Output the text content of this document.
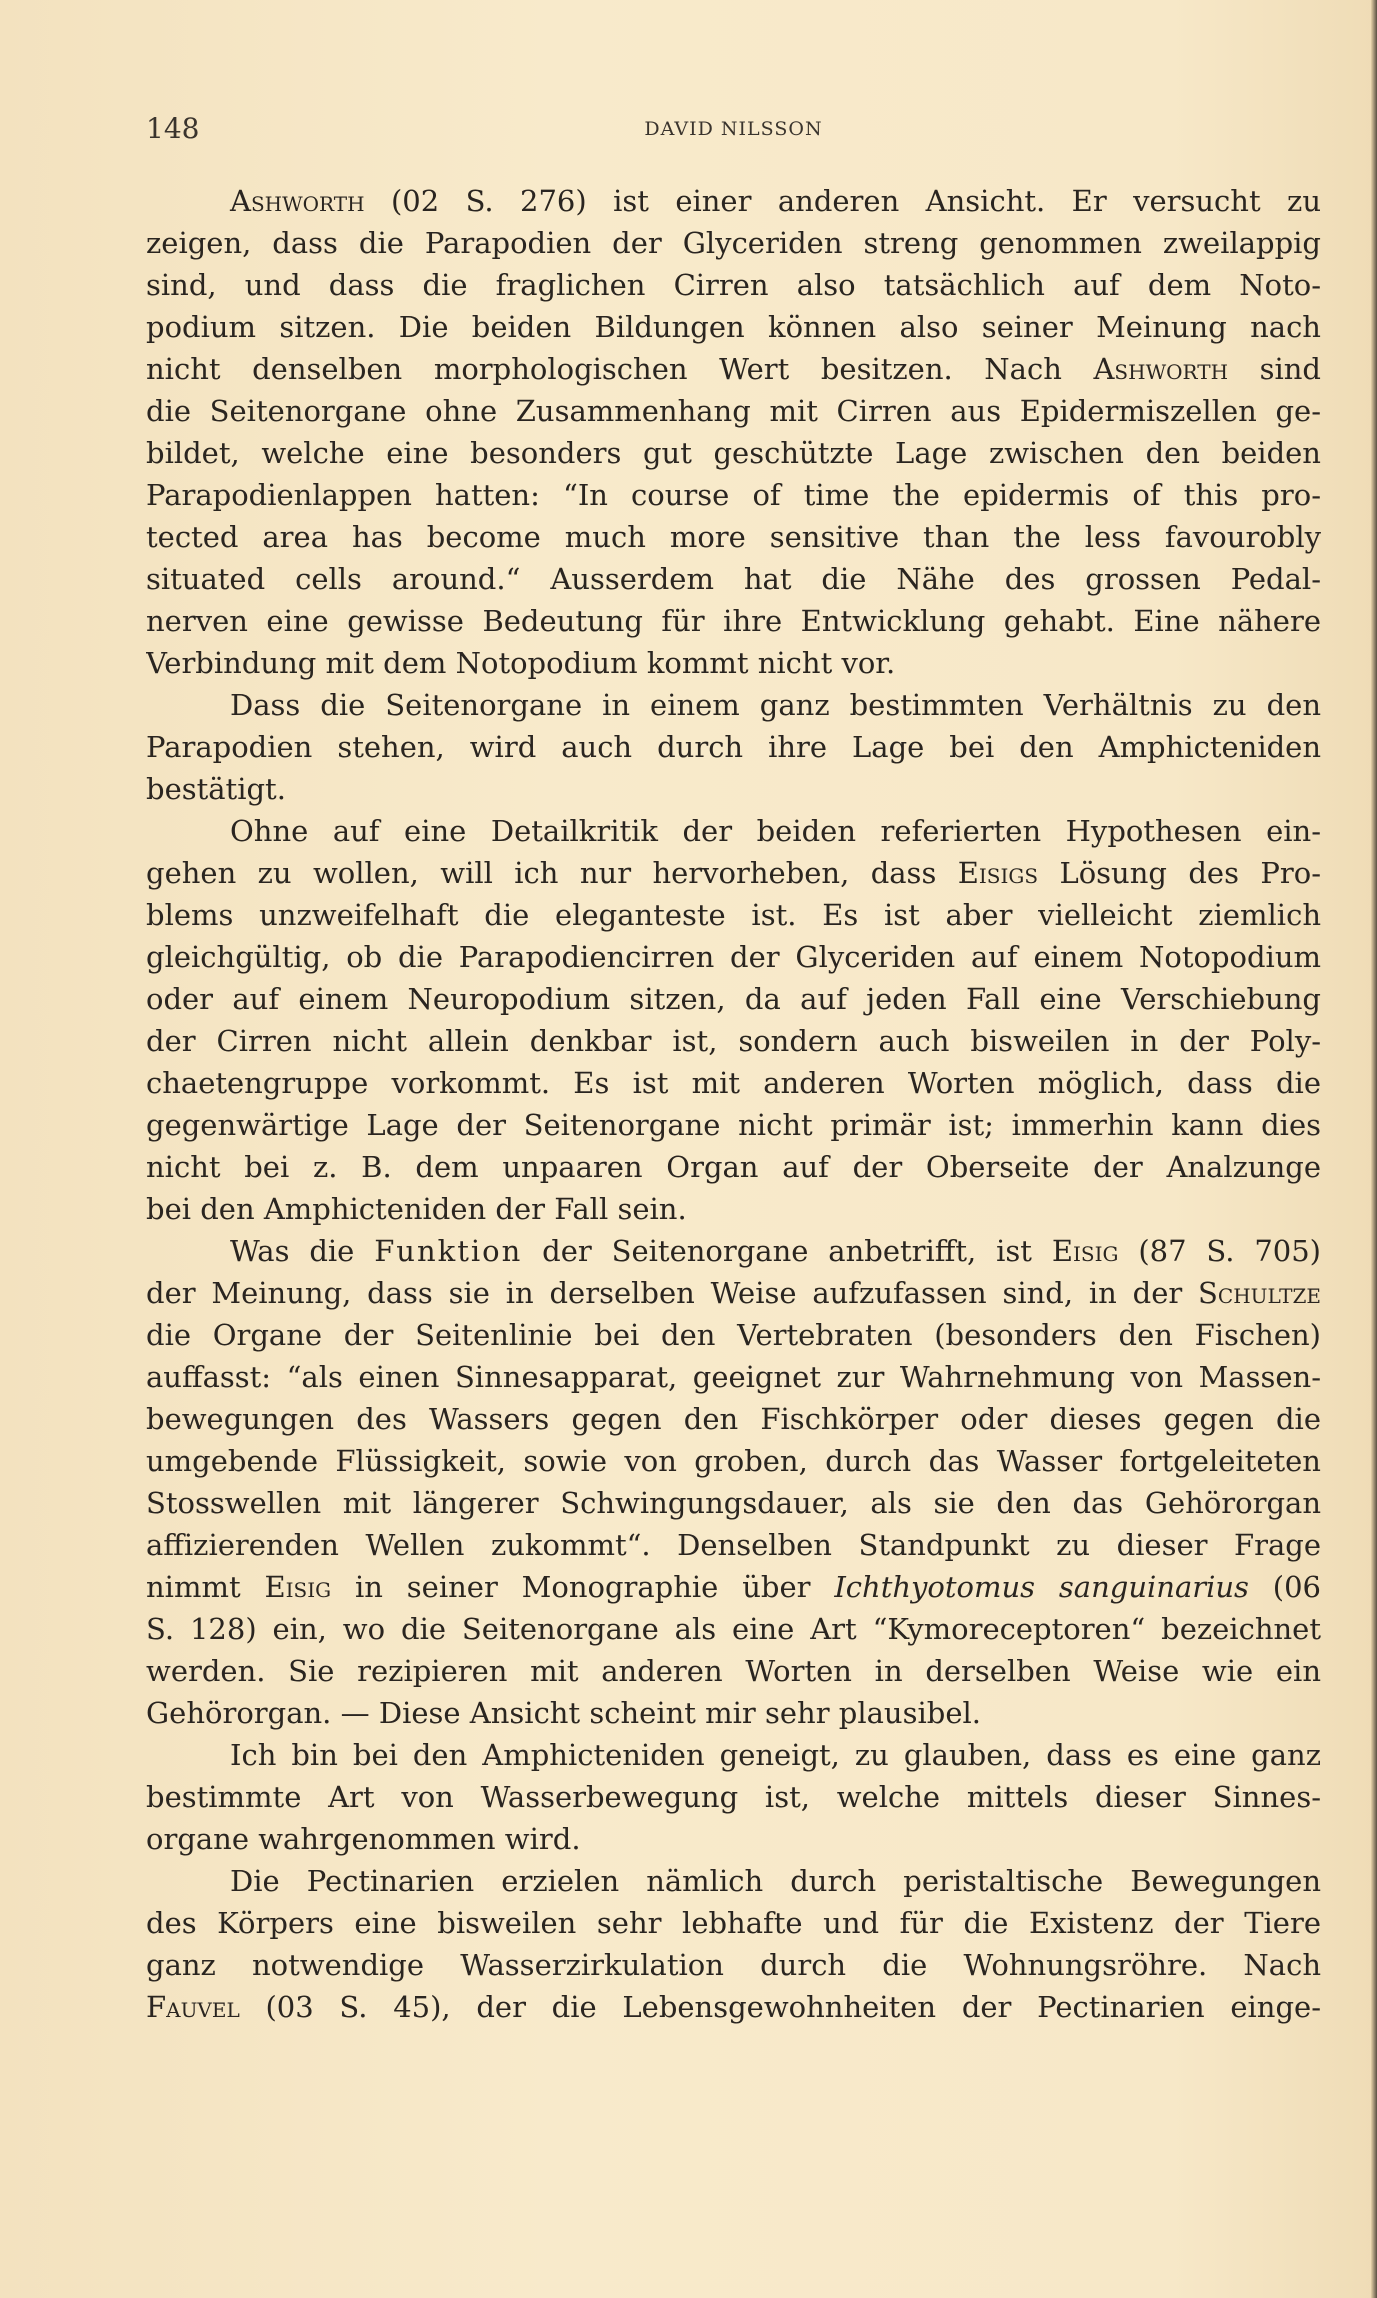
148	DAVID NILSSON
Ashworth (02 S. 276) ist einer anderen Ansicht. Er versucht zu
zeigen, dass die Parapodien der Glyceriden streng genommen zweilappig
sind, und dass die fraglichen Cirren also tatsächlich auf dem Noto-
podium sitzen. Die beiden Bildungen können also seiner Meinung nach
nicht denselben morphologischen Wert besitzen. Nach Ashworth sind
die Seitenorgane ohne Zusammenhang mit Cirren aus Epidermiszellen ge-
bildet, welche eine besonders gut geschützte Lage zwischen den beiden
Parapodienlappen hatten: “In course of time the epidermis of this pro-
tected area has become much more sensitive than the less favourobly
situated cells around.“ Ausserdem hat die Nähe des grossen Pedal-
nerven eine gewisse Bedeutung für ihre Entwicklung gehabt. Eine nähere
Verbindung mit dem Notopodium kommt nicht vor.
Dass die Seitenorgane in einem ganz bestimmten Verhältnis zu den
Parapodien stehen, wird auch durch ihre Lage bei den Amphicteniden
bestätigt.
Ohne auf eine Detailkritik der beiden referierten Hypothesen ein-
gehen zu wollen, will ich nur hervorheben, dass Eisigs Lösung des Pro-
blems unzweifelhaft die eleganteste ist. Es ist aber vielleicht ziemlich
gleichgültig, ob die Parapodiencirren der Glyceriden auf einem Notopodium
oder auf einem Neuropodium sitzen, da auf jeden Fall eine Verschiebung
der Cirren nicht allein denkbar ist, sondern auch bisweilen in der Poly-
chaetengruppe vorkommt. Es ist mit anderen Worten möglich, dass die
gegenwärtige Lage der Seitenorgane nicht primär ist; immerhin kann dies
nicht bei z. B. dem unpaaren Organ auf der Oberseite der Analzunge
bei den Amphicteniden der Fall sein.
Was die Funktion der Seitenorgane anbetrifft, ist Eisig (87 S. 705)
der Meinung, dass sie in derselben Weise aufzufassen sind, in der Schultze
die Organe der Seitenlinie bei den Vertebraten (besonders den Fischen)
auffasst: “als einen Sinnesapparat, geeignet zur Wahrnehmung von Massen-
bewegungen des Wassers gegen den Fischkörper oder dieses gegen die
umgebende Flüssigkeit, sowie von groben, durch das Wasser fortgeleiteten
Stosswellen mit längerer Schwingungsdauer, als sie den das Gehörorgan
affizierenden Wellen zukommt“. Denselben Standpunkt zu dieser Frage
nimmt Eisig in seiner Monographie über Ichthyotomus sanguinarius (06
S. 128) ein, wo die Seitenorgane als eine Art “Kymoreceptoren“ bezeichnet
werden. Sie rezipieren mit anderen Worten in derselben Weise wie ein
Gehörorgan. — Diese Ansicht scheint mir sehr plausibel.
Ich bin bei den Amphicteniden geneigt, zu glauben, dass es eine ganz
bestimmte Art von Wasserbewegung ist, welche mittels dieser Sinnes-
organe wahrgenommen wird.
Die Pectinarien erzielen nämlich durch peristaltische Bewegungen
des Körpers eine bisweilen sehr lebhafte und für die Existenz der Tiere
ganz notwendige Wasserzirkulation durch die Wohnungsröhre. Nach
Fauvel (03 S. 45), der die Lebensgewohnheiten der Pectinarien einge-
